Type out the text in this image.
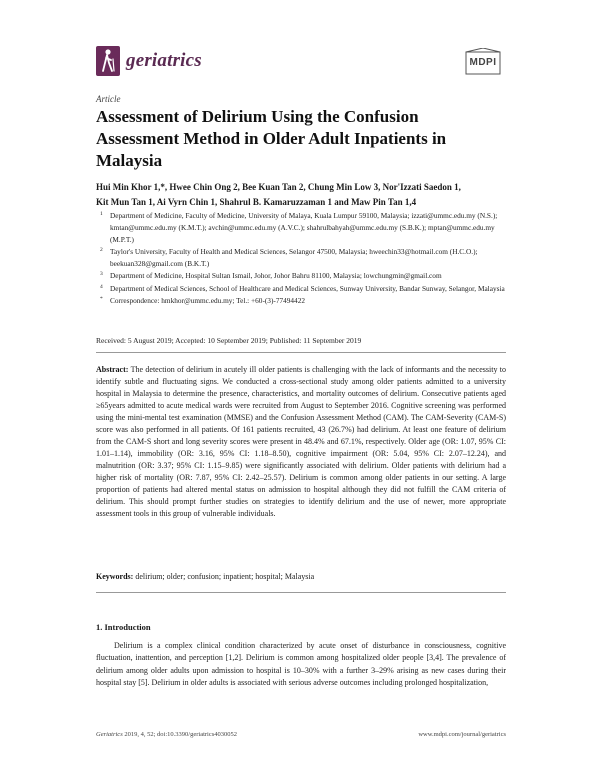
geriatrics	MDPI
Article
Assessment of Delirium Using the Confusion Assessment Method in Older Adult Inpatients in Malaysia
Hui Min Khor 1,*, Hwee Chin Ong 2, Bee Kuan Tan 2, Chung Min Low 3, Nor'Izzati Saedon 1,
Kit Mun Tan 1, Ai Vyrn Chin 1, Shahrul B. Kamaruzzaman 1 and Maw Pin Tan 1,4
1 Department of Medicine, Faculty of Medicine, University of Malaya, Kuala Lumpur 59100, Malaysia; izzati@ummc.edu.my (N.S.); kmtan@ummc.edu.my (K.M.T.); avchin@ummc.edu.my (A.V.C.); shahrulbahyah@ummc.edu.my (S.B.K.); mptan@ummc.edu.my (M.P.T.)
2 Taylor's University, Faculty of Health and Medical Sciences, Selangor 47500, Malaysia; hweechin33@hotmail.com (H.C.O.); beekuan328@gmail.com (B.K.T.)
3 Department of Medicine, Hospital Sultan Ismail, Johor, Johor Bahru 81100, Malaysia; lowchungmin@gmail.com
4 Department of Medical Sciences, School of Healthcare and Medical Sciences, Sunway University, Bandar Sunway, Selangor, Malaysia
* Correspondence: hmkhor@ummc.edu.my; Tel.: +60-(3)-77494422
Received: 5 August 2019; Accepted: 10 September 2019; Published: 11 September 2019
Abstract: The detection of delirium in acutely ill older patients is challenging with the lack of informants and the necessity to identify subtle and fluctuating signs. We conducted a cross-sectional study among older patients admitted to a university hospital in Malaysia to determine the presence, characteristics, and mortality outcomes of delirium. Consecutive patients aged ≥65years admitted to acute medical wards were recruited from August to September 2016. Cognitive screening was performed using the mini-mental test examination (MMSE) and the Confusion Assessment Method (CAM). The CAM-Severity (CAM-S) score was also performed in all patients. Of 161 patients recruited, 43 (26.7%) had delirium. At least one feature of delirium from the CAM-S short and long severity scores were present in 48.4% and 67.1%, respectively. Older age (OR: 1.07, 95% CI: 1.01–1.14), immobility (OR: 3.16, 95% CI: 1.18–8.50), cognitive impairment (OR: 5.04, 95% CI: 2.07–12.24), and malnutrition (OR: 3.37; 95% CI: 1.15–9.85) were significantly associated with delirium. Older patients with delirium had a higher risk of mortality (OR: 7.87, 95% CI: 2.42–25.57). Delirium is common among older patients in our setting. A large proportion of patients had altered mental status on admission to hospital although they did not fulfill the CAM criteria of delirium. This should prompt further studies on strategies to identify delirium and the use of newer, more appropriate assessment tools in this group of vulnerable individuals.
Keywords: delirium; older; confusion; inpatient; hospital; Malaysia
1. Introduction
Delirium is a complex clinical condition characterized by acute onset of disturbance in consciousness, cognitive fluctuation, inattention, and perception [1,2]. Delirium is common among hospitalized older people [3,4]. The prevalence of delirium among older adults upon admission to hospital is 10–30% with a further 3–29% arising as new cases during their hospital stay [5]. Delirium in older adults is associated with serious adverse outcomes including prolonged hospitalization,
Geriatrics 2019, 4, 52; doi:10.3390/geriatrics4030052	www.mdpi.com/journal/geriatrics
